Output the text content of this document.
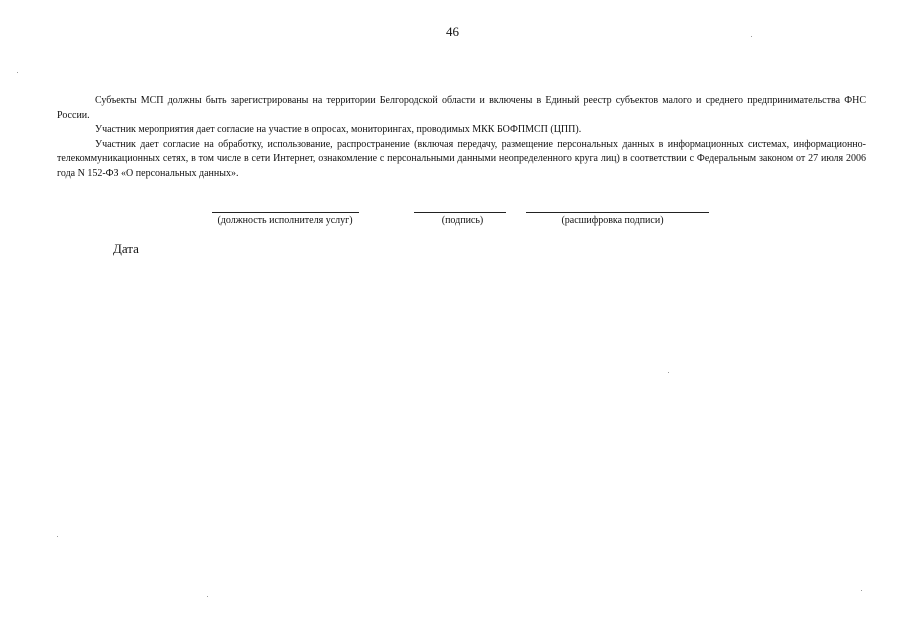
46

Субъекты МСП должны быть зарегистрированы на территории Белгородской области и включены в Единый реестр субъектов малого и среднего предпринимательства ФНС России.

Участник мероприятия дает согласие на участие в опросах, мониторингах, проводимых МКК БОФПМСП (ЦПП).

Участник дает согласие на обработку, использование, распространение (включая передачу, размещение персональных данных в информационных системах, информационно-телекоммуникационных сетях, в том числе в сети Интернет, ознакомление с персональными данными неопределенного круга лиц) в соответствии с Федеральным законом от 27 июля 2006 года N 152-ФЗ «О персональных данных».

(должность исполнителя услуг)	(подпись)	(расшифровка подписи)
Дата
